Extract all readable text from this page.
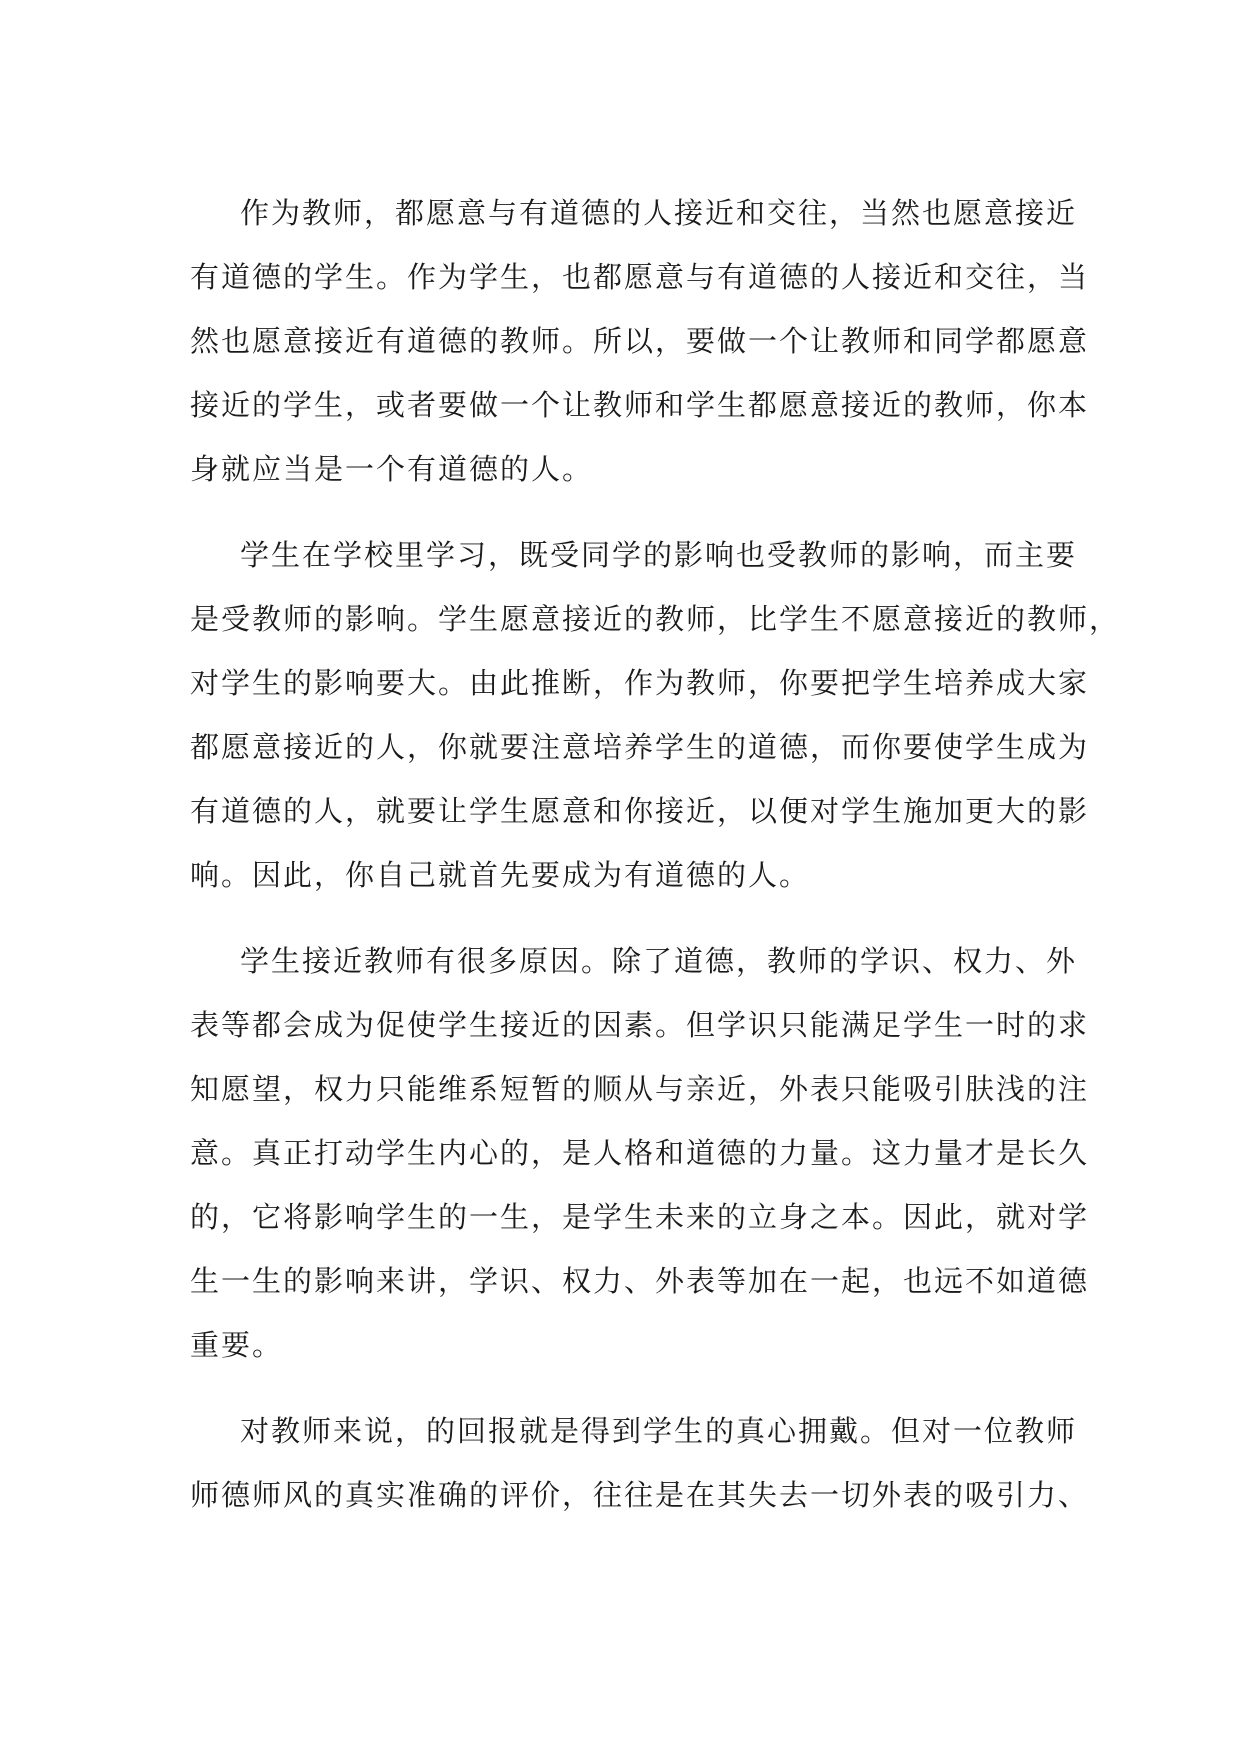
作为教师，都愿意与有道德的人接近和交往，当然也愿意接近

有道德的学生。作为学生，也都愿意与有道德的人接近和交往，当

然也愿意接近有道德的教师。所以，要做一个让教师和同学都愿意

接近的学生，或者要做一个让教师和学生都愿意接近的教师，你本

身就应当是一个有道德的人。

学生在学校里学习，既受同学的影响也受教师的影响，而主要

是受教师的影响。学生愿意接近的教师，比学生不愿意接近的教师，

对学生的影响要大。由此推断，作为教师，你要把学生培养成大家

都愿意接近的人，你就要注意培养学生的道德，而你要使学生成为

有道德的人，就要让学生愿意和你接近，以便对学生施加更大的影

响。因此，你自己就首先要成为有道德的人。

学生接近教师有很多原因。除了道德，教师的学识、权力、外

表等都会成为促使学生接近的因素。但学识只能满足学生一时的求

知愿望，权力只能维系短暂的顺从与亲近，外表只能吸引肤浅的注

意。真正打动学生内心的，是人格和道德的力量。这力量才是长久

的，它将影响学生的一生，是学生未来的立身之本。因此，就对学

生一生的影响来讲，学识、权力、外表等加在一起，也远不如道德

重要。

对教师来说，的回报就是得到学生的真心拥戴。但对一位教师

师德师风的真实准确的评价，往往是在其失去一切外表的吸引力、
